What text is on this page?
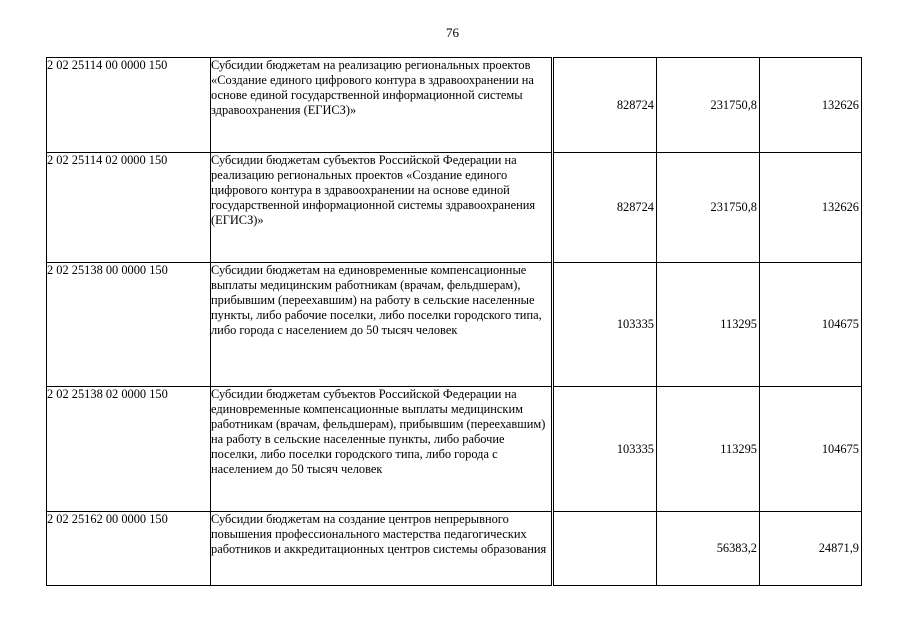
76
2 02 25114 00 0000 150	Субсидии бюджетам на реализацию региональных проектов «Создание единого цифрового контура в здравоохранении на основе единой государственной информационной системы здравоохранения (ЕГИСЗ)»	828724	231750,8	132626
2 02 25114 02 0000 150	Субсидии бюджетам субъектов Российской Федерации на реализацию региональных проектов «Создание единого цифрового контура в здравоохранении на основе единой государственной информационной системы здравоохранения (ЕГИСЗ)»	828724	231750,8	132626
2 02 25138 00 0000 150	Субсидии бюджетам на единовременные компенсационные выплаты медицинским работникам (врачам, фельдшерам), прибывшим (переехавшим) на работу в сельские населенные пункты, либо рабочие поселки, либо поселки городского типа, либо города с населением до 50 тысяч человек	103335	113295	104675
2 02 25138 02 0000 150	Субсидии бюджетам субъектов Российской Федерации на единовременные компенсационные выплаты медицинским работникам (врачам, фельдшерам), прибывшим (переехавшим) на работу в сельские населенные пункты, либо рабочие поселки, либо поселки городского типа, либо города с населением до 50 тысяч человек	103335	113295	104675
2 02 25162 00 0000 150	Субсидии бюджетам на создание центров непрерывного повышения профессионального мастерства педагогических работников и аккредитационных центров системы образования		56383,2	24871,9
